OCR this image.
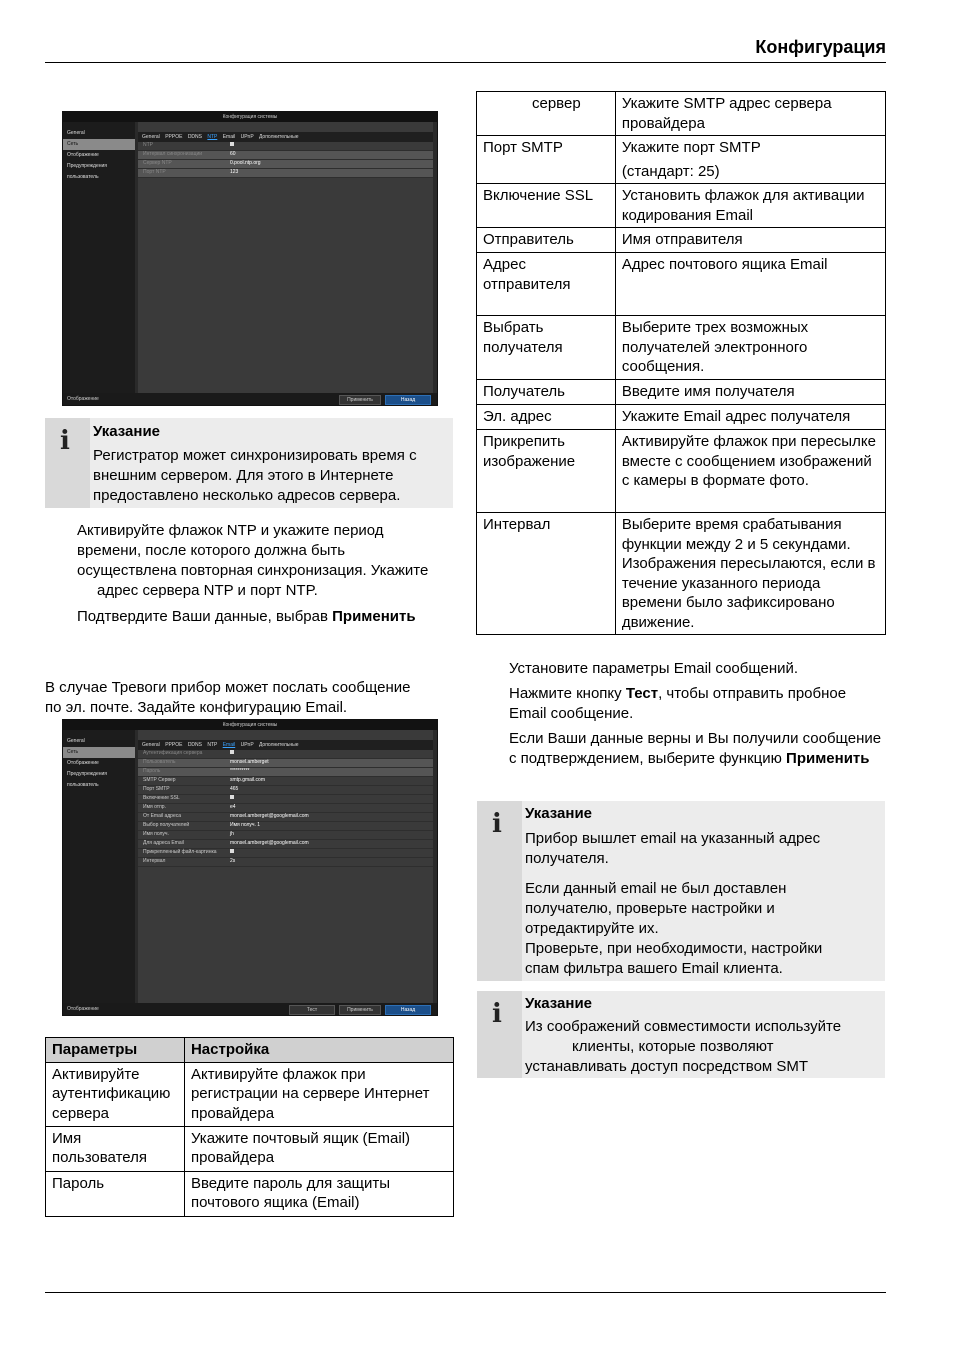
Конфигурация
Конфигурация системы
General
Сеть
Отображение
Предупреждения
пользователь
General PPPOE DDNS NTP Email UPnP Дополнительные
NTP
Интервал синхронизации	60
Сервер NTP	0.pool.ntp.org
Порт NTP	123
Отображение	Применить	Назад
i Указание
Регистратор может синхронизировать время с
внешним сервером. Для этого в Интернете
предоставлено несколько адресов сервера.
Активируйте флажок NTP и укажите период
времени, после которого должна быть
осуществлена повторная синхронизация. Укажите
адрес сервера NTP и порт NTP.
Подтвердите Ваши данные, выбрав Применить
В случае Тревоги прибор может послать сообщение
по эл. почте. Задайте конфигурацию Email.
Конфигурация системы
General
Сеть
Отображение
Предупреждения
пользователь
General PPPOE DDNS NTP Email UPnP Дополнительные
Аутентификация сервера
Пользователь	monsel.amberget
Пароль	**********
SMTP Сервер	smtp.gmail.com
Порт SMTP	465
Включение SSL
Имя отпр.	e4
От Email адреса	monsel.amberget@googlemail.com
Выбор получателей	Имя получ. 1
Имя получ.	jh
Для адреса Email	monsel.amberget@googlemail.com
Прикрепленный файл-картинка
Интервал	2s
Отображение	Тест	Применить	Назад
Параметры	Настройка
Активируйте аутентификацию сервера	Активируйте флажок при регистрации на сервере Интернет провайдера
Имя пользователя	Укажите почтовый ящик (Email) провайдера
Пароль	Введите пароль для защиты почтового ящика (Email)
сервер	Укажите SMTP адрес сервера провайдера
Порт SMTP	Укажите порт SMTP
(стандарт: 25)

Включение SSL	Установить флажок для активации кодирования Email
Отправитель	Имя отправителя
Адрес отправителя	Адрес почтового ящика Email
Выбрать получателя	Выберите трех возможных получателей электронного сообщения.
Получатель	Введите имя получателя
Эл. адрес	Укажите Email адрес получателя
Прикрепить изображение	Активируйте флажок при пересылке вместе с сообщением изображений с камеры в формате фото.
Интервал	Выберите время срабатывания функции между 2 и 5 секундами. Изображения пересылаются, если в течение указанного периода времени было зафиксировано движение.

Установите параметры Email сообщений.

Нажмите кнопку Тест, чтобы отправить пробное Email сообщение.

Если Ваши данные верны и Вы получили сообщение с подтверждением, выберите функцию Применить

i Указание
Прибор вышлет email на указанный адрес
получателя.
Если данный email не был доставлен
получателю, проверьте настройки и
отредактируйте их.
Проверьте, при необходимости, настройки
спам фильтра вашего Email клиента.
i Указание
Из соображений совместимости используйте
клиенты, которые позволяют
устанавливать доступ посредством SMT
